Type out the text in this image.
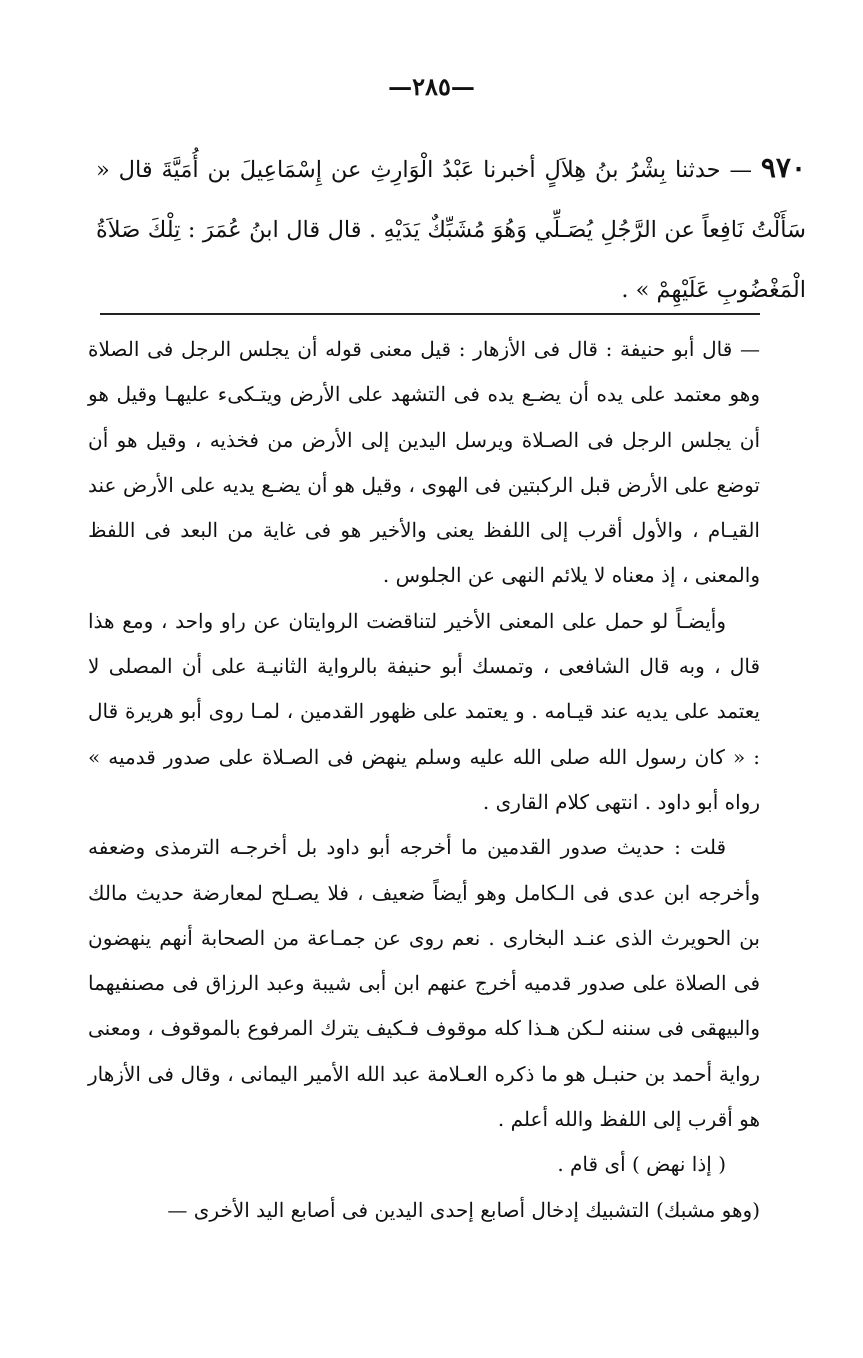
—٢٨٥—
٩٧٠ — حدثنا بِشْرُ بنُ هِلاَلٍ أخبرنا عَبْدُ الْوَارِثِ عن إِسْمَاعِيلَ بن أُمَيَّةَ قال « سَأَلْتُ نَافِعاً عن الرَّجُلِ يُصَـلِّي وَهُوَ مُشَبِّكٌ يَدَيْهِ . قال قال ابنُ عُمَرَ : تِلْكَ صَلاَةُ الْمَغْضُوبِ عَلَيْهِمْ » .

— قال أبو حنيفة : قال فى الأزهار : قيل معنى قوله أن يجلس الرجل فى الصلاة وهو معتمد على يده أن يضـع يده فى التشهد على الأرض ويتـكىء عليهـا وقيل هو أن يجلس الرجل فى الصـلاة ويرسل اليدين إلى الأرض من فخذيه ، وقيل هو أن توضع على الأرض قبل الركبتين فى الهوى ، وقيل هو أن يضـع يديه على الأرض عند القيـام ، والأول أقرب إلى اللفظ يعنى والأخير هو فى غاية من البعد فى اللفظ والمعنى ، إذ معناه لا يلائم النهى عن الجلوس .

وأيضـاً لو حمل على المعنى الأخير لتناقضت الروايتان عن راو واحد ، ومع هذا قال ، وبه قال الشافعى ، وتمسك أبو حنيفة بالرواية الثانيـة على أن المصلى لا يعتمد على يديه عند قيـامه . و يعتمد على ظهور القدمين ، لمـا روى أبو هريرة قال : « كان رسول الله صلى الله عليه وسلم ينهض فى الصـلاة على صدور قدميه » رواه أبو داود . انتهى كلام القارى .

قلت : حديث صدور القدمين ما أخرجه أبو داود بل أخرجـه الترمذى وضعفه وأخرجه ابن عدى فى الـكامل وهو أيضاً ضعيف ، فلا يصـلح لمعارضة حديث مالك بن الحويرث الذى عنـد البخارى . نعم روى عن جمـاعة من الصحابة أنهم ينهضون فى الصلاة على صدور قدميه أخرج عنهم ابن أبى شيبة وعبد الرزاق فى مصنفيهما والبيهقى فى سننه لـكن هـذا كله موقوف فـكيف يترك المرفوع بالموقوف ، ومعنى رواية أحمد بن حنبـل هو ما ذكره العـلامة عبد الله الأمير اليمانى ، وقال فى الأزهار هو أقرب إلى اللفظ والله أعلم .

( إذا نهض ) أى قام .

(وهو مشبك) التشبيك إدخال أصابع إحدى اليدين فى أصابع اليد الأخرى —
